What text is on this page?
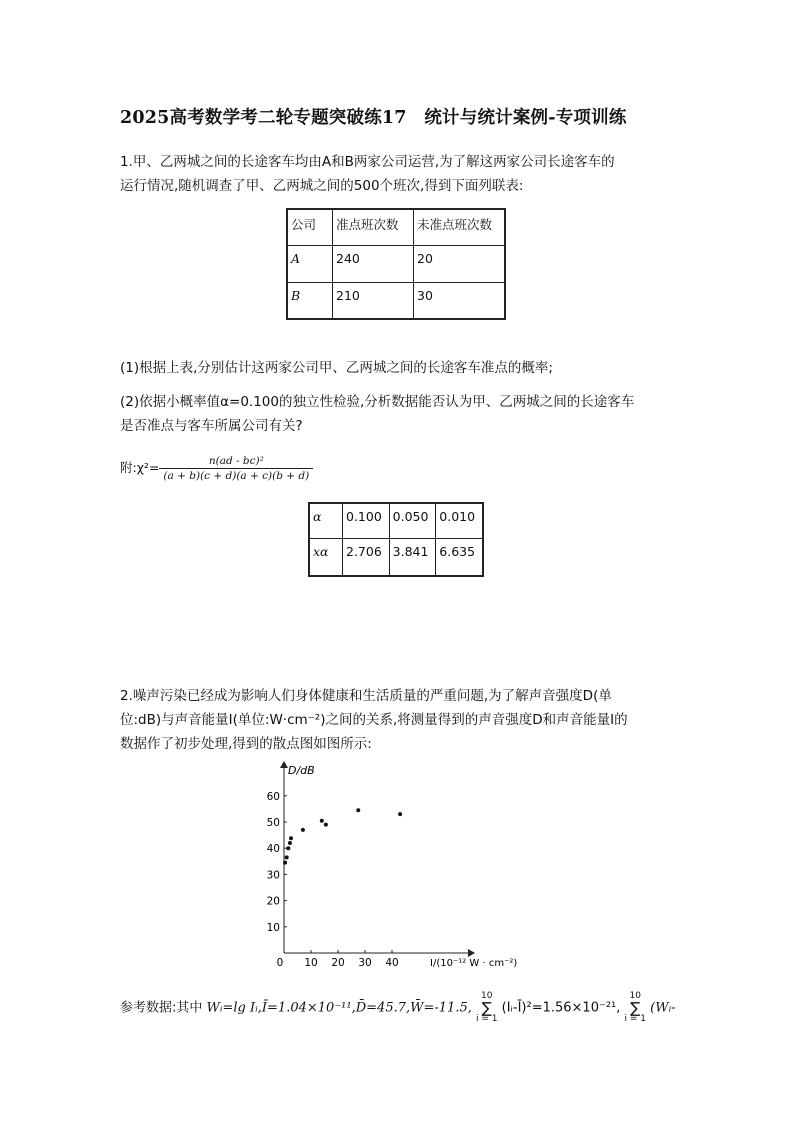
2025高考数学考二轮专题突破练17　统计与统计案例-专项训练
1.甲、乙两城之间的长途客车均由A和B两家公司运营,为了解这两家公司长途客车的
运行情况,随机调查了甲、乙两城之间的500个班次,得到下面列联表:
公司	准点班次数	未准点班次数
A	240	20
B	210	30
(1)根据上表,分别估计这两家公司甲、乙两城之间的长途客车准点的概率;
(2)依据小概率值α=0.100的独立性检验,分析数据能否认为甲、乙两城之间的长途客车
是否准点与客车所属公司有关?
附:χ²= $\frac{\text{n(ad - bc)²}}{(a + b)(c + d)(a + c)(b + d)}$
α	0.100	0.050	0.010
xα	2.706	3.841	6.635
2.噪声污染已经成为影响人们身体健康和生活质量的严重问题,为了解声音强度D(单
位:dB)与声音能量I(单位:W·cm⁻²)之间的关系,将测量得到的声音强度D和声音能量I的
数据作了初步处理,得到的散点图如图所示:
D/dB
I/(10⁻¹² W · cm⁻²)
10
20
30
40
50
60
0 10 20 30 40
参考数据:其中 Wᵢ=lg Iᵢ,Ī=1.04×10⁻¹¹,D̄=45.7,W̄=-11.5, 10
∑
i = 1 (Iᵢ-Ī)²=1.56×10⁻²¹, 10
∑
i = 1 (Wᵢ-
